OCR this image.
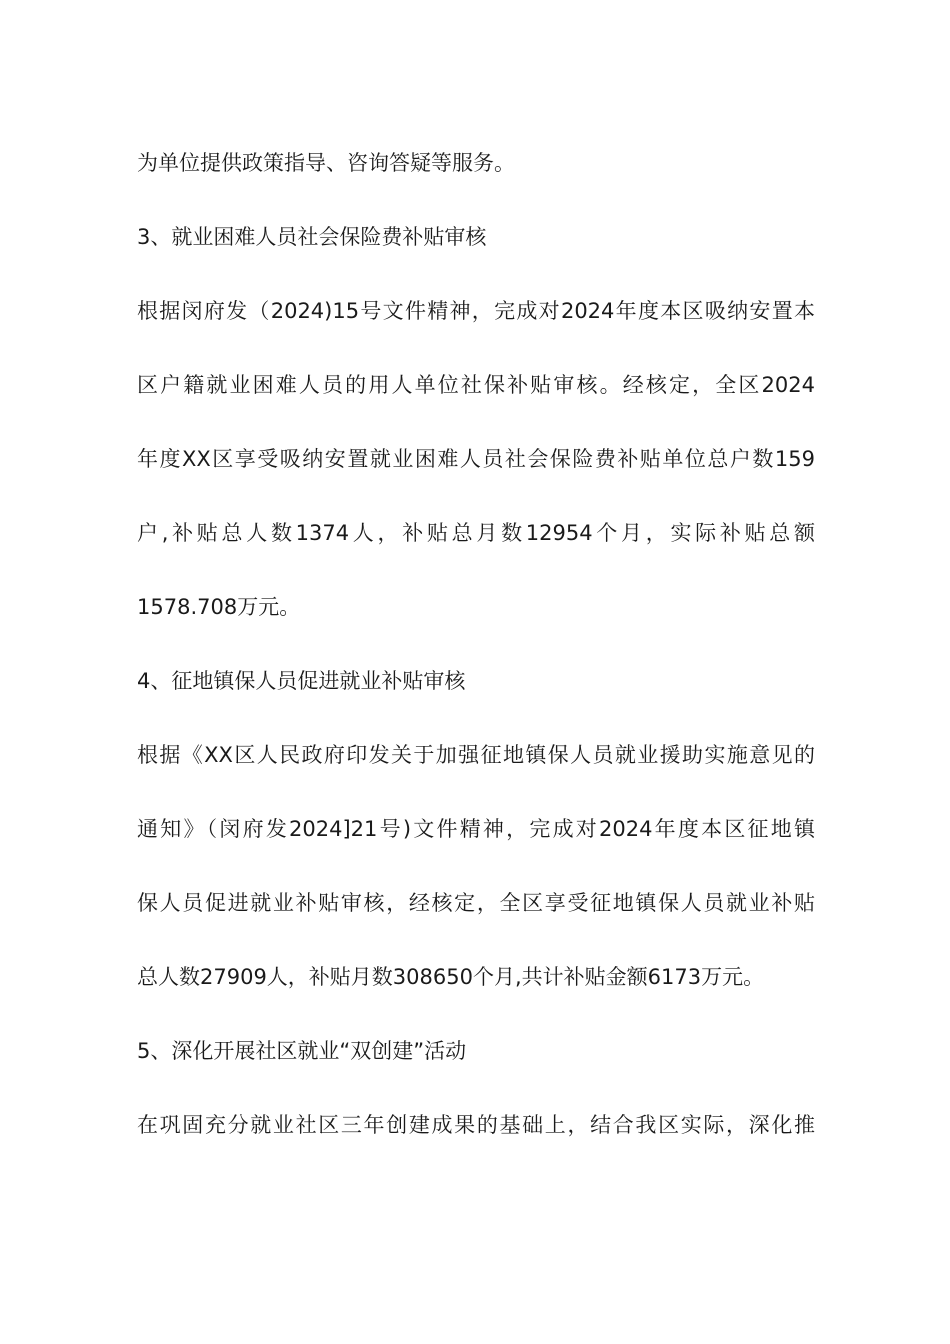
为单位提供政策指导、咨询答疑等服务。
3、就业困难人员社会保险费补贴审核
根据闵府发（2024)15号文件精神，完成对2024年度本区吸纳安置本
区户籍就业困难人员的用人单位社保补贴审核。经核定，全区2024
年度XX区享受吸纳安置就业困难人员社会保险费补贴单位总户数159
户,补贴总人数1374人，补贴总月数12954个月，实际补贴总额
1578.708万元。
4、征地镇保人员促进就业补贴审核
根据《XX区人民政府印发关于加强征地镇保人员就业援助实施意见的
通知》（闵府发2024]21号)文件精神，完成对2024年度本区征地镇
保人员促进就业补贴审核，经核定，全区享受征地镇保人员就业补贴
总人数27909人，补贴月数308650个月,共计补贴金额6173万元。
5、深化开展社区就业“双创建”活动
在巩固充分就业社区三年创建成果的基础上，结合我区实际，深化推
